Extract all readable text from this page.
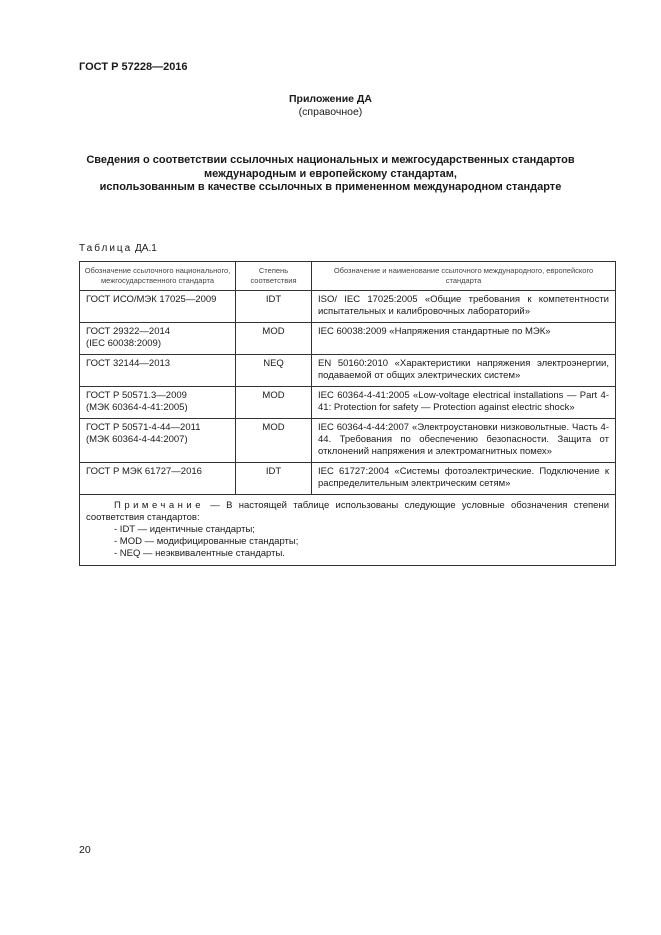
ГОСТ Р 57228—2016
Приложение ДА
(справочное)
Сведения о соответствии ссылочных национальных и межгосударственных стандартов
международным и европейскому стандартам,
использованным в качестве ссылочных в примененном международном стандарте
Таблица ДА.1
Обозначение ссылочного национального, межгосударственного стандарта	Степень соответствия	Обозначение и наименование ссылочного международного, европейского стандарта

ГОСТ ИСО/МЭК 17025—2009	IDT	ISO/ IEC 17025:2005 «Общие требования к компетентности испытательных и калибровочных лабораторий»

ГОСТ 29322—2014
(IEC 60038:2009)	MOD	IEC 60038:2009 «Напряжения стандартные по МЭК»

ГОСТ 32144—2013	NEQ	EN 50160:2010 «Характеристики напряжения электроэнергии, подаваемой от общих электрических систем»

ГОСТ Р 50571.3—2009
(МЭК 60364-4-41:2005)	MOD	IEC 60364-4-41:2005 «Low-voltage electrical installations — Part 4-41: Protection for safety — Protection against electric shock»

ГОСТ Р 50571-4-44—2011
(МЭК 60364-4-44:2007)	MOD	IEC 60364-4-44:2007 «Электроустановки низковольтные. Часть 4-44. Требования по обеспечению безопасности. Защита от отклонений напряжения и электромагнитных помех»

ГОСТ Р МЭК 61727—2016	IDT	IEC 61727:2004 «Системы фотоэлектрические. Подключение к распределительным электрическим сетям»

Примечание — В настоящей таблице использованы следующие условные обозначения степени соответствия стандартов:
- IDT — идентичные стандарты;
- MOD — модифицированные стандарты;
- NEQ — неэквивалентные стандарты.		
20
